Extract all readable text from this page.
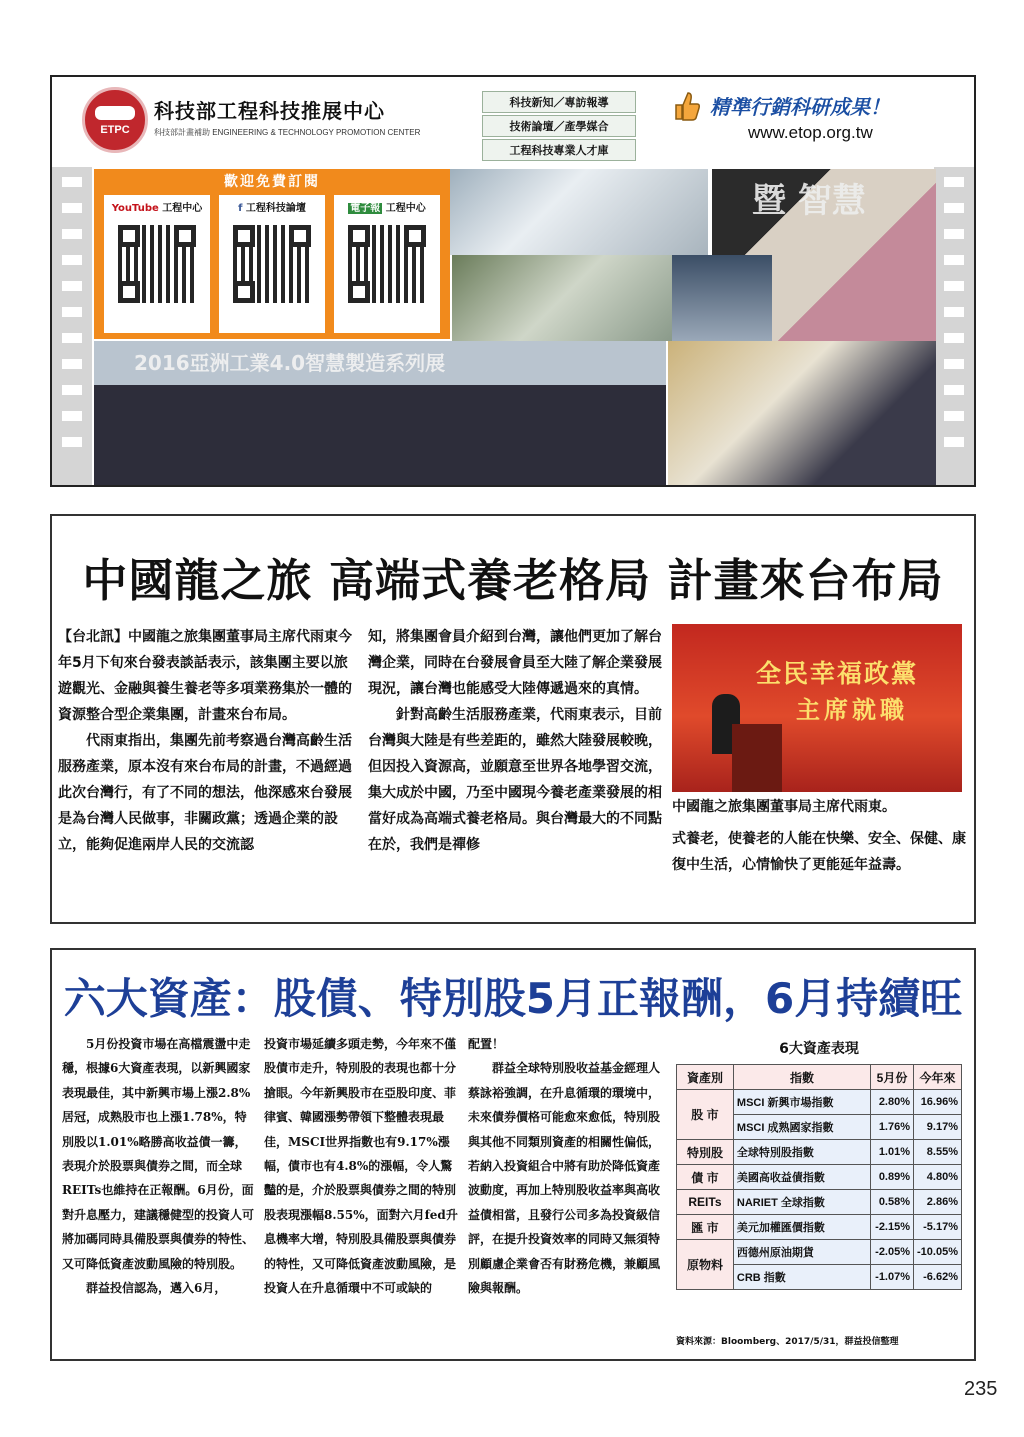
ETPC
科技部工程科技推展中心
科技部計畫補助 ENGINEERING & TECHNOLOGY PROMOTION CENTER
科技新知／專訪報導
技術論壇／產學媒合
工程科技專業人才庫
精準行銷科研成果！
www.etop.org.tw
歡迎免費訂閱
YouTube 工程中心	f 工程科技論壇	電子報 工程中心	暨 智慧
2016亞洲工業4.0智慧製造系列展
中國龍之旅 高端式養老格局 計畫來台布局

【台北訊】中國龍之旅集團董事局主席代雨東今年5月下旬來台發表談話表示，該集團主要以旅遊觀光、金融與養生養老等多項業務集於一體的資源整合型企業集團，計畫來台布局。

代雨東指出，集團先前考察過台灣高齡生活服務產業，原本沒有來台布局的計畫，不過經過此次台灣行，有了不同的想法，他深感來台發展是為台灣人民做事，非關政黨；透過企業的設立，能夠促進兩岸人民的交流認

知，將集團會員介紹到台灣，讓他們更加了解台灣企業，同時在台發展會員至大陸了解企業發展現況，讓台灣也能感受大陸傳遞過來的真情。

針對高齡生活服務產業，代雨東表示，目前台灣與大陸是有些差距的，雖然大陸發展較晚，但因投入資源高，並願意至世界各地學習交流，集大成於中國，乃至中國現今養老產業發展的相當好成為高端式養老格局。與台灣最大的不同點在於，我們是禪修

全民幸福政黨
主席就職
中國龍之旅集團董事局主席代雨東。

式養老，使養老的人能在快樂、安全、保健、康復中生活，心情愉快了更能延年益壽。

六大資產：股債、特別股5月正報酬，6月持續旺

5月份投資市場在高檔震盪中走穩，根據6大資產表現，以新興國家表現最佳，其中新興市場上漲2.8%居冠，成熟股市也上漲1.78%，特別股以1.01%略勝高收益債一籌，表現介於股票與債券之間，而全球REITs也維持在正報酬。6月份，面對升息壓力，建議穩健型的投資人可將加碼同時具備股票與債券的特性、又可降低資產波動風險的特別股。

群益投信認為，邁入6月，

投資市場延續多頭走勢，今年來不僅股債市走升，特別股的表現也都十分搶眼。今年新興股市在亞股印度、菲律賓、韓國漲勢帶領下整體表現最佳，MSCI世界指數也有9.17%漲幅，債市也有4.8%的漲幅，令人驚豔的是，介於股票與債券之間的特別股表現漲幅8.55%，面對六月fed升息機率大增，特別股具備股票與債券的特性，又可降低資產波動風險，是投資人在升息循環中不可或缺的

配置！

群益全球特別股收益基金經理人蔡詠裕強調，在升息循環的環境中，未來債券價格可能愈來愈低，特別股與其他不同類別資產的相關性偏低，若納入投資組合中將有助於降低資產波動度，再加上特別股收益率與高收益債相當，且發行公司多為投資級信評，在提升投資效率的同時又無須特別顧慮企業會否有財務危機，兼顧風險與報酬。

6大資產表現
資產別	指數	5月份	今年來
股 市	MSCI 新興市場指數	2.80%	16.96%
	MSCI 成熟國家指數	1.76%	9.17%
特別股	全球特別股指數	1.01%	8.55%
債 市	美國高收益債指數	0.89%	4.80%
REITs	NARIET 全球指數	0.58%	2.86%
匯 市	美元加權匯價指數	-2.15%	-5.17%
原物料	西德州原油期貨	-2.05%	-10.05%
	CRB 指數	-1.07%	-6.62%
資料來源：Bloomberg、2017/5/31，群益投信整理
235
